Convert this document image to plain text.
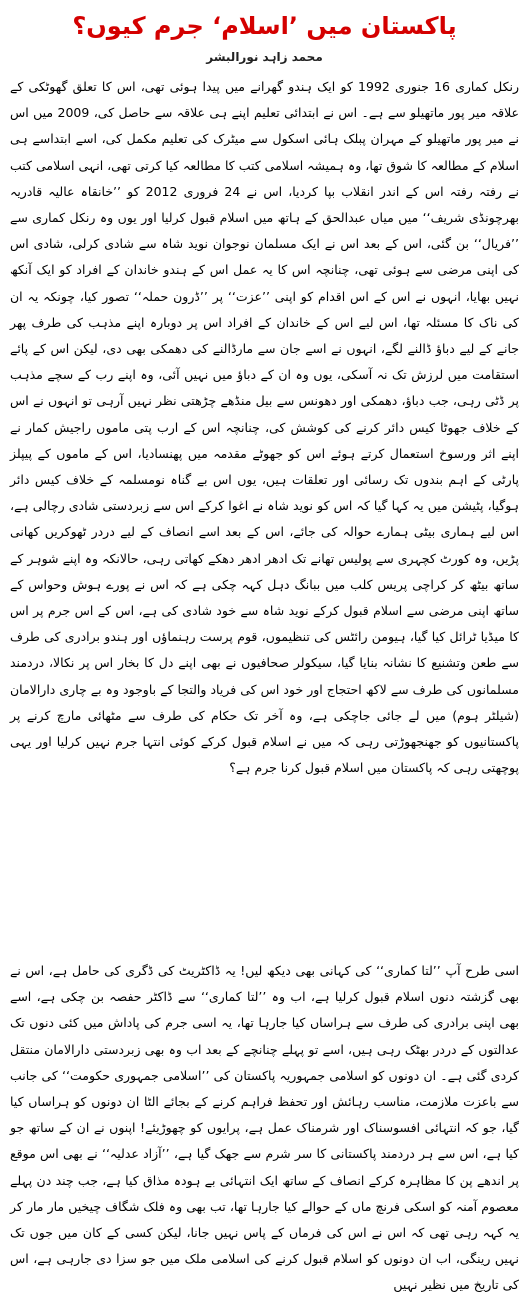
پاکستان میں ’اسلام‘ جرم کیوں؟
محمد زاہد نورالبشر

رنکل کماری 16 جنوری 1992 کو ایک ہندو گھرانے میں پیدا ہوئی تھی، اس کا تعلق گھوٹکی کے علاقہ میر پور ماتھیلو سے ہے۔ اس نے ابتدائی تعلیم اپنے ہی علاقہ سے حاصل کی، 2009 میں اس نے میر پور ماتھیلو کے مہران پبلک ہائی اسکول سے میٹرک کی تعلیم مکمل کی، اسے ابتداسے ہی اسلام کے مطالعہ کا شوق تھا، وہ ہمیشہ اسلامی کتب کا مطالعہ کیا کرتی تھی، انہی اسلامی کتب نے رفتہ رفتہ اس کے اندر انقلاب بپا کردیا، اس نے 24 فروری 2012 کو ’’خانقاہ عالیہ قادریہ بھرچونڈی شریف‘‘ میں میاں عبدالحق کے ہاتھ میں اسلام قبول کرلیا اور یوں وہ رنکل کماری سے ’’فریال‘‘ بن گئی، اس کے بعد اس نے ایک مسلمان نوجوان نوید شاہ سے شادی کرلی، شادی اس کی اپنی مرضی سے ہوئی تھی، چنانچہ اس کا یہ عمل اس کے ہندو خاندان کے افراد کو ایک آنکھ نہیں بھایا، انہوں نے اس کے اس اقدام کو اپنی ’’عزت‘‘ پر ’’ڈرون حملہ‘‘ تصور کیا، چونکہ یہ ان کی ناک کا مسئلہ تھا، اس لیے اس کے خاندان کے افراد اس پر دوبارہ اپنے مذہب کی طرف پھر جانے کے لیے دباؤ ڈالنے لگے، انہوں نے اسے جان سے مارڈالنے کی دھمکی بھی دی، لیکن اس کے پائے استقامت میں لرزش تک نہ آسکی، یوں وہ ان کے دباؤ میں نہیں آئی، وہ اپنے رب کے سچے مذہب پر ڈٹی رہی، جب دباؤ، دھمکی اور دھونس سے بیل منڈھے چڑھتی نظر نہیں آرہی تو انہوں نے اس کے خلاف جھوٹا کیس دائر کرنے کی کوشش کی، چنانچہ اس کے ارب پتی ماموں راجیش کمار نے اپنے اثر ورسوخ استعمال کرتے ہوئے اس کو جھوٹے مقدمہ میں پھنسادیا، اس کے ماموں کے پیپلز پارٹی کے اہم بندوں تک رسائی اور تعلقات ہیں، یوں اس بے گناہ نومسلمہ کے خلاف کیس دائر ہوگیا، پٹیشن میں یہ کہا گیا کہ اس کو نوید شاہ نے اغوا کرکے اس سے زبردستی شادی رچالی ہے، اس لیے ہماری بیٹی ہمارے حوالہ کی جائے، اس کے بعد اسے انصاف کے لیے دردر ٹھوکریں کھانی پڑیں، وہ کورٹ کچہری سے پولیس تھانے تک ادھر ادھر دھکے کھاتی رہی، حالانکہ وہ اپنے شوہر کے ساتھ بیٹھ کر کراچی پریس کلب میں ببانگ دہل کہہ چکی ہے کہ اس نے پورے ہوش وحواس کے ساتھ اپنی مرضی سے اسلام قبول کرکے نوید شاہ سے خود شادی کی ہے، اس کے اس جرم پر اس کا میڈیا ٹرائل کیا گیا، ہیومن رائٹس کی تنظیموں، قوم پرست رہنماؤں اور ہندو برادری کی طرف سے طعن وتشنیع کا نشانہ بنایا گیا، سیکولر صحافیوں نے بھی اپنے دل کا بخار اس پر نکالا، دردمند مسلمانوں کی طرف سے لاکھ احتجاج اور خود اس کی فریاد والتجا کے باوجود وہ بے چاری دارالامان (شیلٹر ہوم) میں لے جائی جاچکی ہے، وہ آخر تک حکام کی طرف سے مٹھائی مارچ کرنے پر پاکستانیوں کو جھنجھوڑتی رہی کہ میں نے اسلام قبول کرکے کوئی انتہا جرم نہیں کرلیا اور یہی پوچھتی رہی کہ پاکستان میں اسلام قبول کرنا جرم ہے؟

اسی طرح آپ ’’لتا کماری‘‘ کی کہانی بھی دیکھ لیں! یہ ڈاکٹریٹ کی ڈگری کی حامل ہے، اس نے بھی گزشتہ دنوں اسلام قبول کرلیا ہے، اب وہ ’’لتا کماری‘‘ سے ڈاکٹر حفصہ بن چکی ہے، اسے بھی اپنی برادری کی طرف سے ہراساں کیا جارہا تھا، یہ اسی جرم کی پاداش میں کئی دنوں تک عدالتوں کے دردر بھٹک رہی ہیں، اسے تو پہلے چنانچے کے بعد اب وہ بھی زبردستی دارالامان منتقل کردی گئی ہے۔ ان دونوں کو اسلامی جمہوریہ پاکستان کی ’’اسلامی جمہوری حکومت‘‘ کی جانب سے باعزت ملازمت، مناسب رہائش اور تحفظ فراہم کرنے کے بجائے الٹا ان دونوں کو ہراساں کیا گیا، جو کہ انتہائی افسوسناک اور شرمناک عمل ہے، پرایوں کو چھوڑیئے! اپنوں نے ان کے ساتھ جو کیا ہے، اس سے ہر دردمند پاکستانی کا سر شرم سے جھک گیا ہے، ’’آزاد عدلیہ‘‘ نے بھی اس موقع پر اندھے پن کا مظاہرہ کرکے انصاف کے ساتھ ایک انتہائی بے ہودہ مذاق کیا ہے، جب چند دن پہلے معصوم آمنہ کو اسکی فرنچ ماں کے حوالے کیا جارہا تھا، تب بھی وہ فلک شگاف چیخیں مار مار کر یہ کہہ رہی تھی کہ اس نے اس کی فرماں کے پاس نہیں جانا، لیکن کسی کے کان میں جوں تک نہیں رینگی، اب ان دونوں کو اسلام قبول کرنے کی اسلامی ملک میں جو سزا دی جارہی ہے، اس کی تاریخ میں نظیر نہیں
